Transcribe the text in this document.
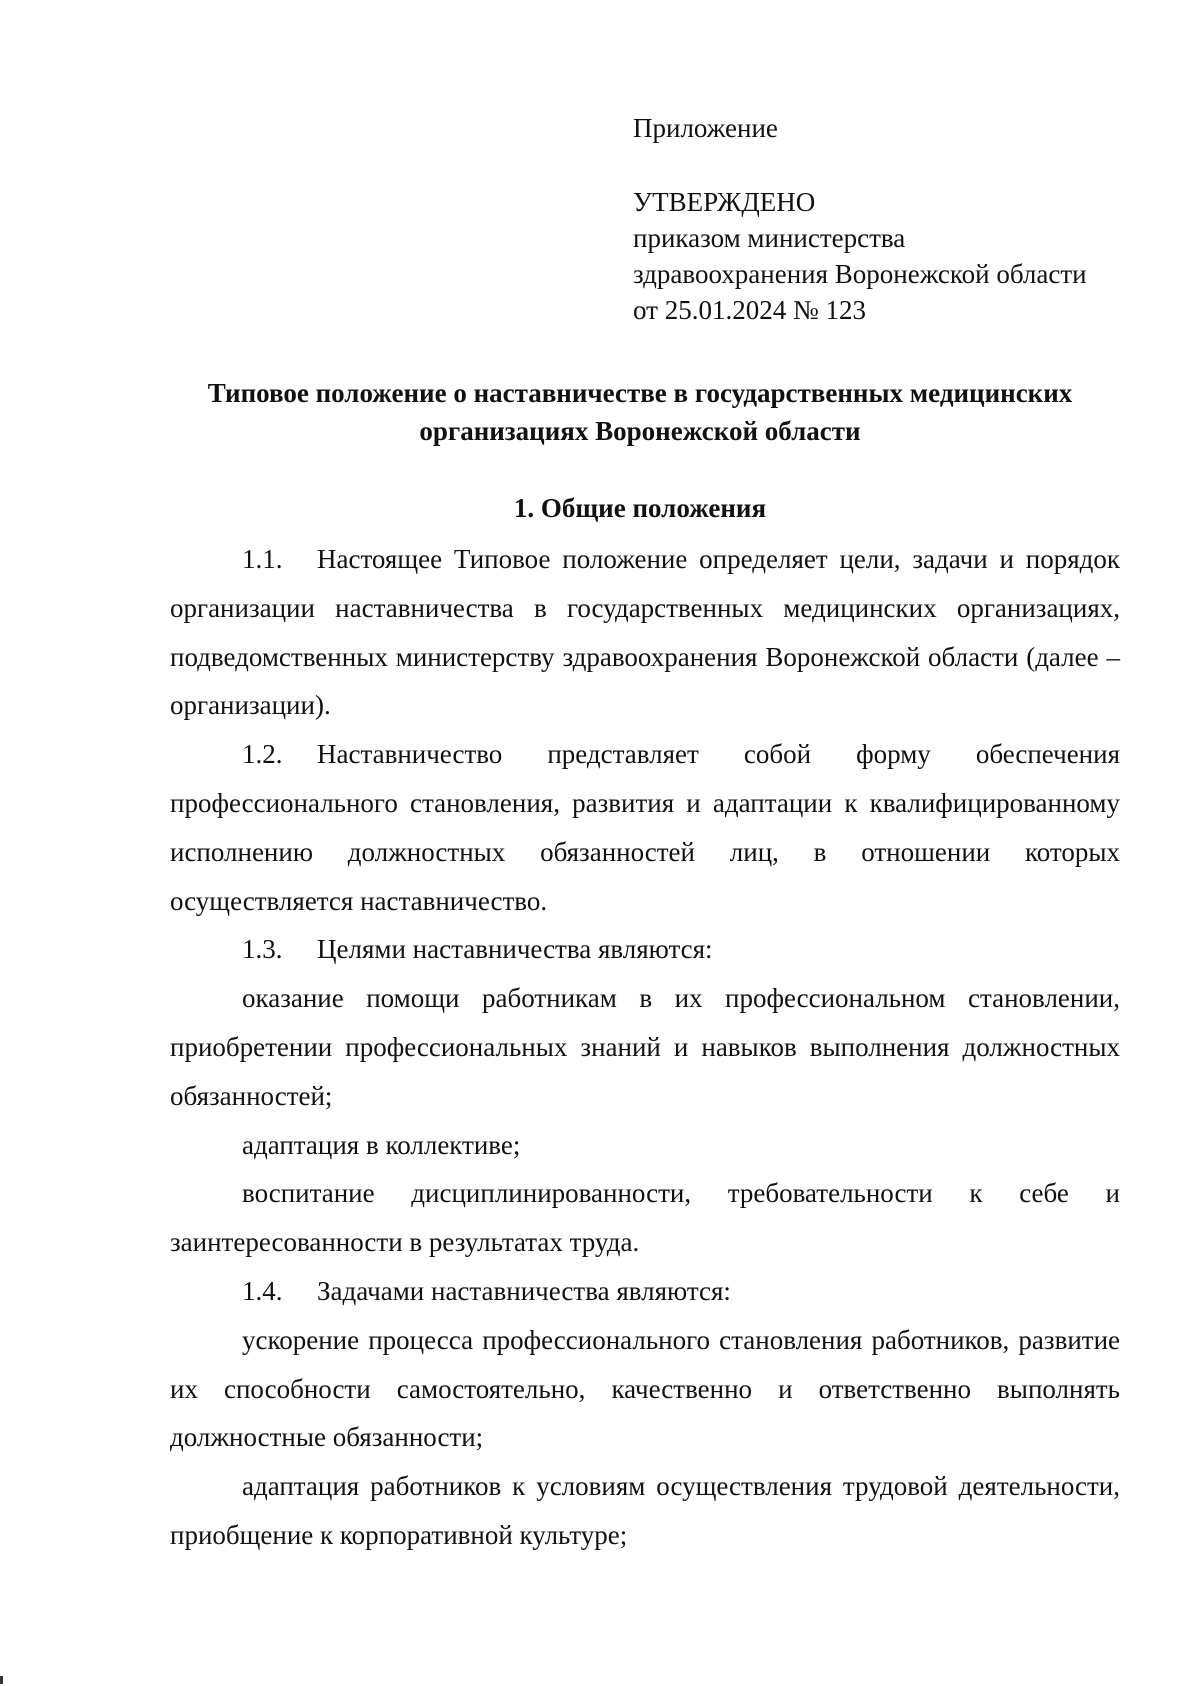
Приложение
УТВЕРЖДЕНО
приказом министерства
здравоохранения Воронежской области
от 25.01.2024 № 123
Типовое положение о наставничестве в государственных медицинских
организациях Воронежской области
1. Общие положения

1.1. Настоящее Типовое положение определяет цели, задачи и порядок организации наставничества в государственных медицинских организациях, подведомственных министерству здравоохранения Воронежской области (далее – организации).

1.2. Наставничество представляет собой форму обеспечения профессионального становления, развития и адаптации к квалифицированному исполнению должностных обязанностей лиц, в отношении которых осуществляется наставничество.

1.3. Целями наставничества являются:

оказание помощи работникам в их профессиональном становлении, приобретении профессиональных знаний и навыков выполнения должностных обязанностей;

адаптация в коллективе;

воспитание дисциплинированности, требовательности к себе и заинтересованности в результатах труда.

1.4. Задачами наставничества являются:

ускорение процесса профессионального становления работников, развитие их способности самостоятельно, качественно и ответственно выполнять должностные обязанности;

адаптация работников к условиям осуществления трудовой деятельности, приобщение к корпоративной культуре;
